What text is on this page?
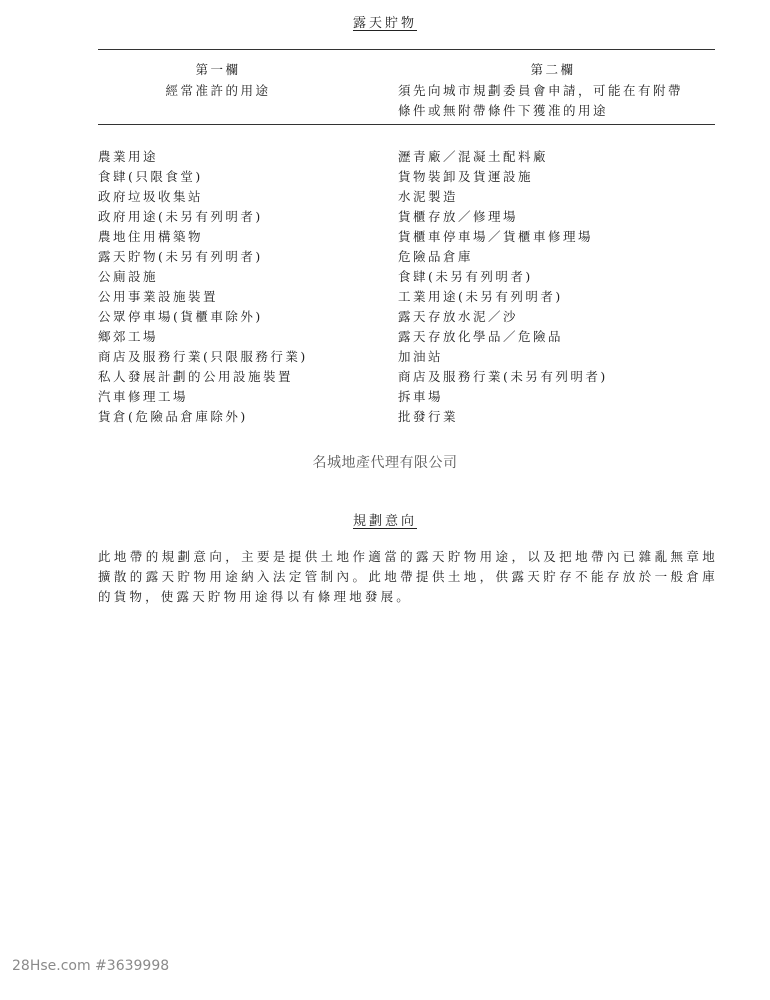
露天貯物
第一欄
經常准許的用途
第二欄
須先向城市規劃委員會申請，可能在有附帶
條件或無附帶條件下獲准的用途
農業用途
食肆(只限食堂)
政府垃圾收集站
政府用途(未另有列明者)
農地住用構築物
露天貯物(未另有列明者)
公廁設施
公用事業設施裝置
公眾停車場(貨櫃車除外)
鄉郊工場
商店及服務行業(只限服務行業)
私人發展計劃的公用設施裝置
汽車修理工場
貨倉(危險品倉庫除外)
瀝青廠／混凝土配料廠
貨物裝卸及貨運設施
水泥製造
貨櫃存放／修理場
貨櫃車停車場／貨櫃車修理場
危險品倉庫
食肆(未另有列明者)
工業用途(未另有列明者)
露天存放水泥／沙
露天存放化學品／危險品
加油站
商店及服務行業(未另有列明者)
拆車場
批發行業
名城地產代理有限公司
規劃意向

此地帶的規劃意向，主要是提供土地作適當的露天貯物用途，以及把地帶內已雜亂無章地擴散的露天貯物用途納入法定管制內。此地帶提供土地，供露天貯存不能存放於一般倉庫的貨物，使露天貯物用途得以有條理地發展。

28Hse.com #3639998
